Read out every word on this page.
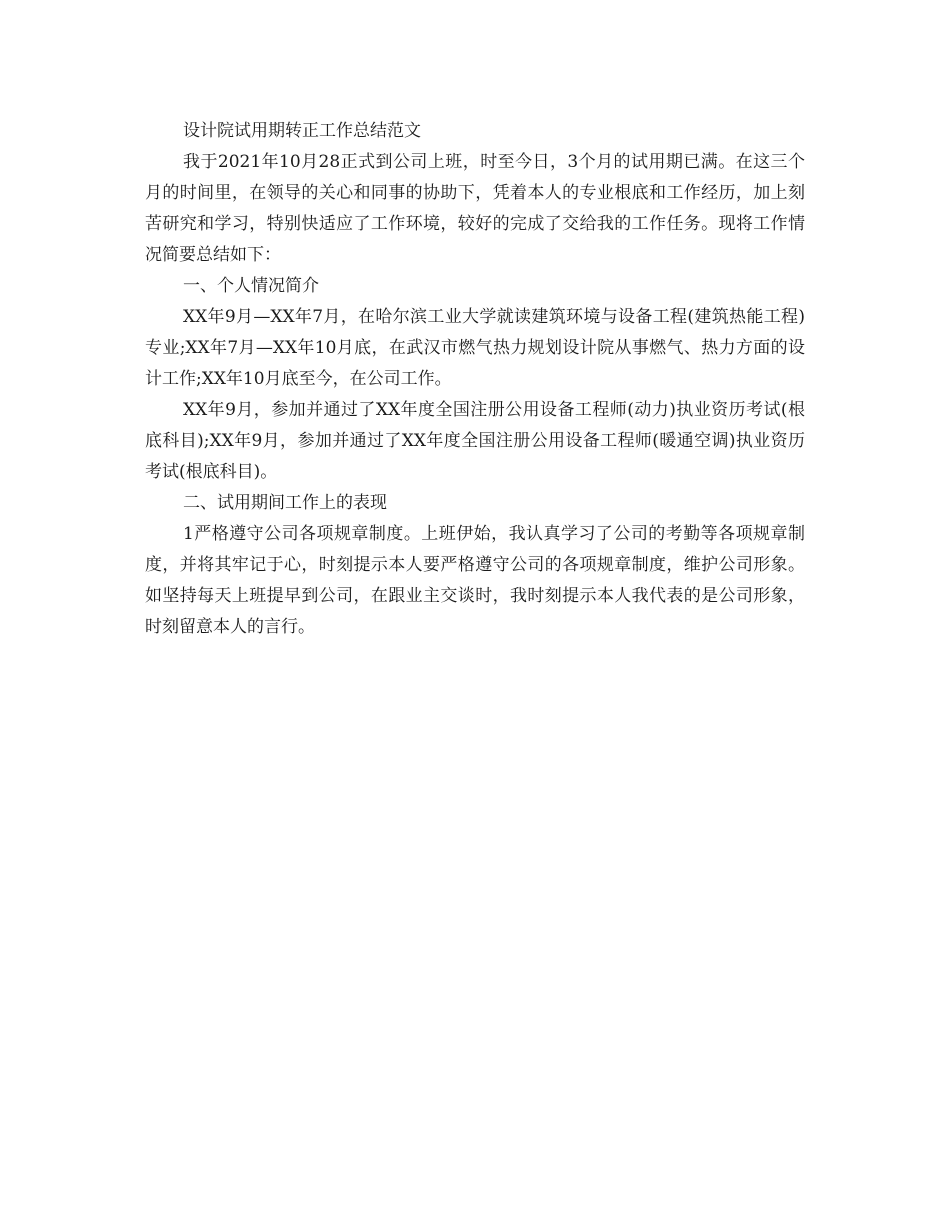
设计院试用期转正工作总结范文

我于2021年10月28正式到公司上班，时至今日，3个月的试用期已满。在这三个月的时间里，在领导的关心和同事的协助下，凭着本人的专业根底和工作经历，加上刻苦研究和学习，特别快适应了工作环境，较好的完成了交给我的工作任务。现将工作情况简要总结如下：

一、个人情况简介

XX年9月—XX年7月，在哈尔滨工业大学就读建筑环境与设备工程(建筑热能工程)专业;XX年7月—XX年10月底，在武汉市燃气热力规划设计院从事燃气、热力方面的设计工作;XX年10月底至今，在公司工作。

XX年9月，参加并通过了XX年度全国注册公用设备工程师(动力)执业资历考试(根底科目);XX年9月，参加并通过了XX年度全国注册公用设备工程师(暖通空调)执业资历考试(根底科目)。

二、试用期间工作上的表现

1严格遵守公司各项规章制度。上班伊始，我认真学习了公司的考勤等各项规章制度，并将其牢记于心，时刻提示本人要严格遵守公司的各项规章制度，维护公司形象。如坚持每天上班提早到公司，在跟业主交谈时，我时刻提示本人我代表的是公司形象，时刻留意本人的言行。
